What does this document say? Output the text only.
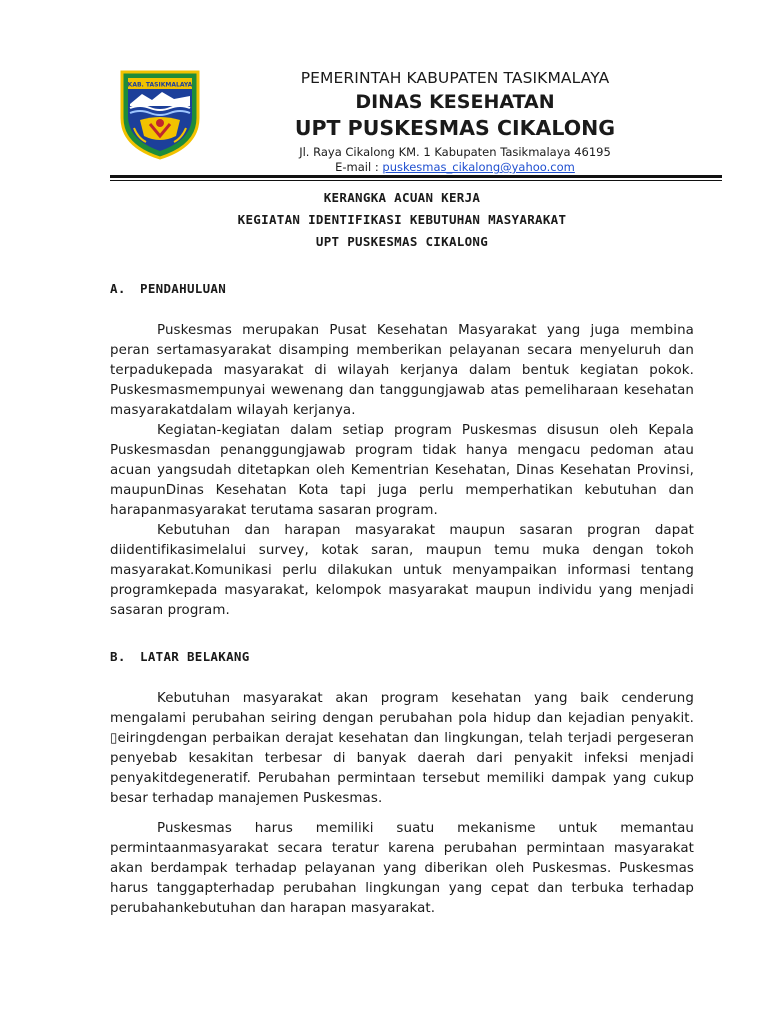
KAB. TASIKMALAYA	PEMERINTAH KABUPATEN TASIKMALAYA
DINAS KESEHATAN
UPT PUSKESMAS CIKALONG
Jl. Raya Cikalong KM. 1 Kabupaten Tasikmalaya 46195
E-mail : puskesmas_cikalong@yahoo.com
KERANGKA ACUAN KERJA
KEGIATAN IDENTIFIKASI KEBUTUHAN MASYARAKAT
UPT PUSKESMAS CIKALONG
A. PENDAHULUAN

Puskesmas merupakan Pusat Kesehatan Masyarakat yang juga membina peran sertamasyarakat disamping memberikan pelayanan secara menyeluruh dan terpadukepada masyarakat di wilayah kerjanya dalam bentuk kegiatan pokok. Puskesmasmempunyai wewenang dan tanggungjawab atas pemeliharaan kesehatan masyarakatdalam wilayah kerjanya.

Kegiatan-kegiatan dalam setiap program Puskesmas disusun oleh Kepala Puskesmasdan penanggungjawab program tidak hanya mengacu pedoman atau acuan yangsudah ditetapkan oleh Kementrian Kesehatan, Dinas Kesehatan Provinsi, maupunDinas Kesehatan Kota tapi juga perlu memperhatikan kebutuhan dan harapanmasyarakat terutama sasaran program.

Kebutuhan dan harapan masyarakat maupun sasaran progran dapat diidentifikasimelalui survey, kotak saran, maupun temu muka dengan tokoh masyarakat.Komunikasi perlu dilakukan untuk menyampaikan informasi tentang programkepada masyarakat, kelompok masyarakat maupun individu yang menjadi sasaran program.

B. LATAR BELAKANG

Kebutuhan masyarakat akan program kesehatan yang baik cenderung mengalami perubahan seiring dengan perubahan pola hidup dan kejadian penyakit. ▯eiringdengan perbaikan derajat kesehatan dan lingkungan, telah terjadi pergeseran penyebab kesakitan terbesar di banyak daerah dari penyakit infeksi menjadi penyakitdegeneratif. Perubahan permintaan tersebut memiliki dampak yang cukup besar terhadap manajemen Puskesmas.

Puskesmas harus memiliki suatu mekanisme untuk memantau permintaanmasyarakat secara teratur karena perubahan permintaan masyarakat akan berdampak terhadap pelayanan yang diberikan oleh Puskesmas. Puskesmas harus tanggapterhadap perubahan lingkungan yang cepat dan terbuka terhadap perubahankebutuhan dan harapan masyarakat.
